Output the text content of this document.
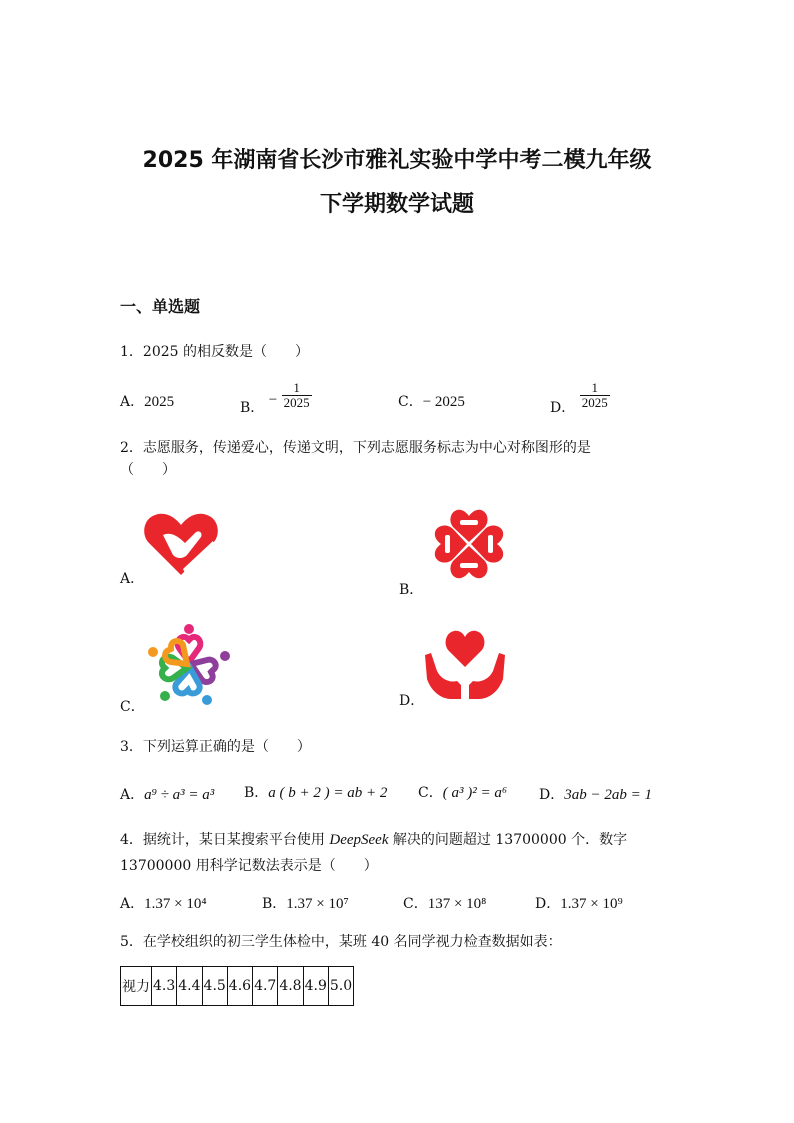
2025 年湖南省长沙市雅礼实验中学中考二模九年级
下学期数学试题
一、单选题
1．2025 的相反数是（　　）
A．2025	B． − $\frac{1}{2025}$	C．− 2025	D． $\frac{1}{2025}$
2．志愿服务，传递爱心，传递文明，下列志愿服务标志为中心对称图形的是
（　　）
A．
B．
C．	D．
3．下列运算正确的是（　　）
A．a⁹ ÷ a³ = a³ B．a ( b + 2 ) = ab + 2 C．( a³ )² = a⁶ D．3ab − 2ab = 1
4．据统计，某日某搜索平台使用 DeepSeek 解决的问题超过 13700000 个．数字
13700000 用科学记数法表示是（　　）
A．1.37 × 10⁴	B．1.37 × 10⁷	C．137 × 10⁸	D．1.37 × 10⁹
5．在学校组织的初三学生体检中，某班 40 名同学视力检查数据如表：
视力	4.3	4.4	4.5	4.6	4.7	4.8	4.9	5.0
